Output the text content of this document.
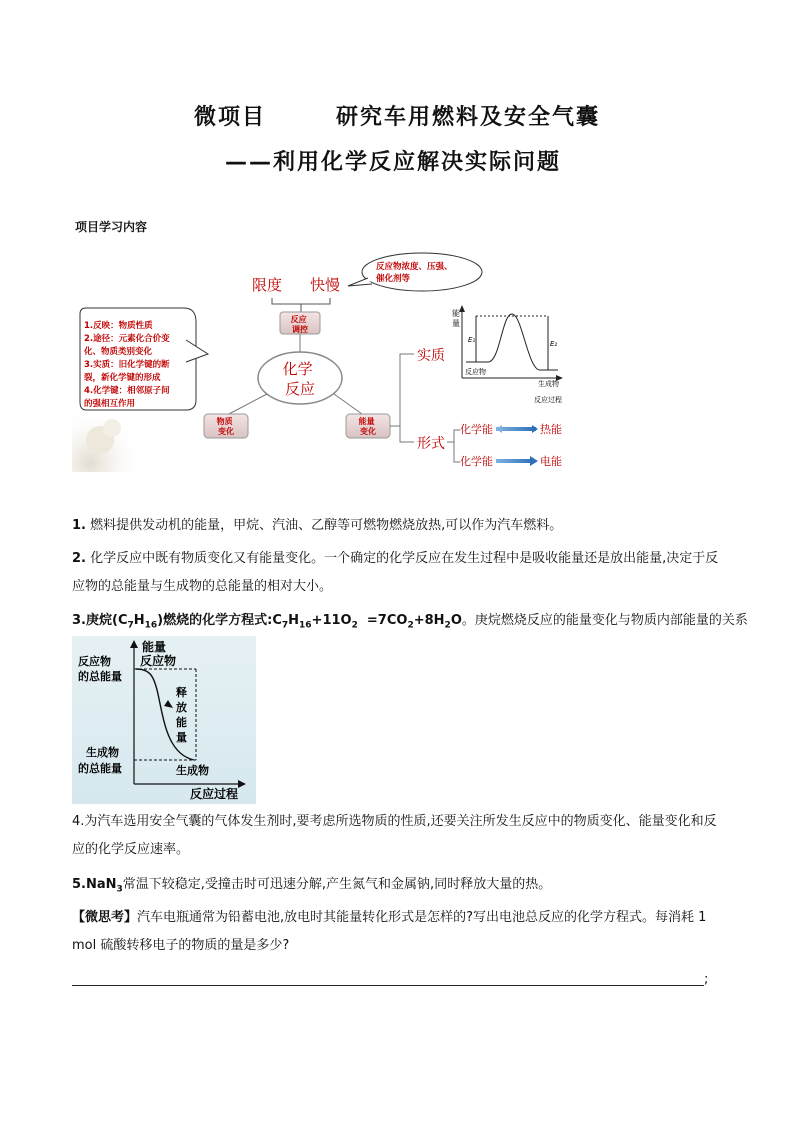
微项目	研究车用燃料及安全气囊
——利用化学反应解决实际问题
项目学习内容
1.反映：物质性质 2.途径：元素化合价变 化、物质类别变化 3.实质：旧化学键的断 裂，新化学键的形成 4.化学键：相邻原子间 的强相互作用
限度 快慢
反应物浓度、压强、 催化剂等
反应 调控
化学 反应
物质 变化
能量 变化
实质
形式
化学能	热能
化学能	电能
能
量
E₁	E₂
反应物
生成物
反应过程
1. 燃料提供发动机的能量，甲烷、汽油、乙醇等可燃物燃烧放热,可以作为汽车燃料。
2. 化学反应中既有物质变化又有能量变化。一个确定的化学反应在发生过程中是吸收能量还是放出能量,决定于反应物的总能量与生成物的总能量的相对大小。
3.庚烷$(C_7H_{16})$燃烧的化学方程式$:C_7H_{16}+11O_2 =7CO_2+8H_2O$。庚烷燃烧反应的能量变化与物质内部能量的关系
能量
反应物
反应物
的总能量
释 放 能 量
生成物
的总能量	生成物
反应过程
4.为汽车选用安全气囊的气体发生剂时,要考虑所选物质的性质,还要关注所发生反应中的物质变化、能量变化和反应的化学反应速率。
5.NaN$_3$常温下较稳定,受撞击时可迅速分解,产生氮气和金属钠,同时释放大量的热。
【微思考】汽车电瓶通常为铅蓄电池,放电时其能量转化形式是怎样的?写出电池总反应的化学方程式。每消耗 1 mol 硫酸转移电子的物质的量是多少?
;
